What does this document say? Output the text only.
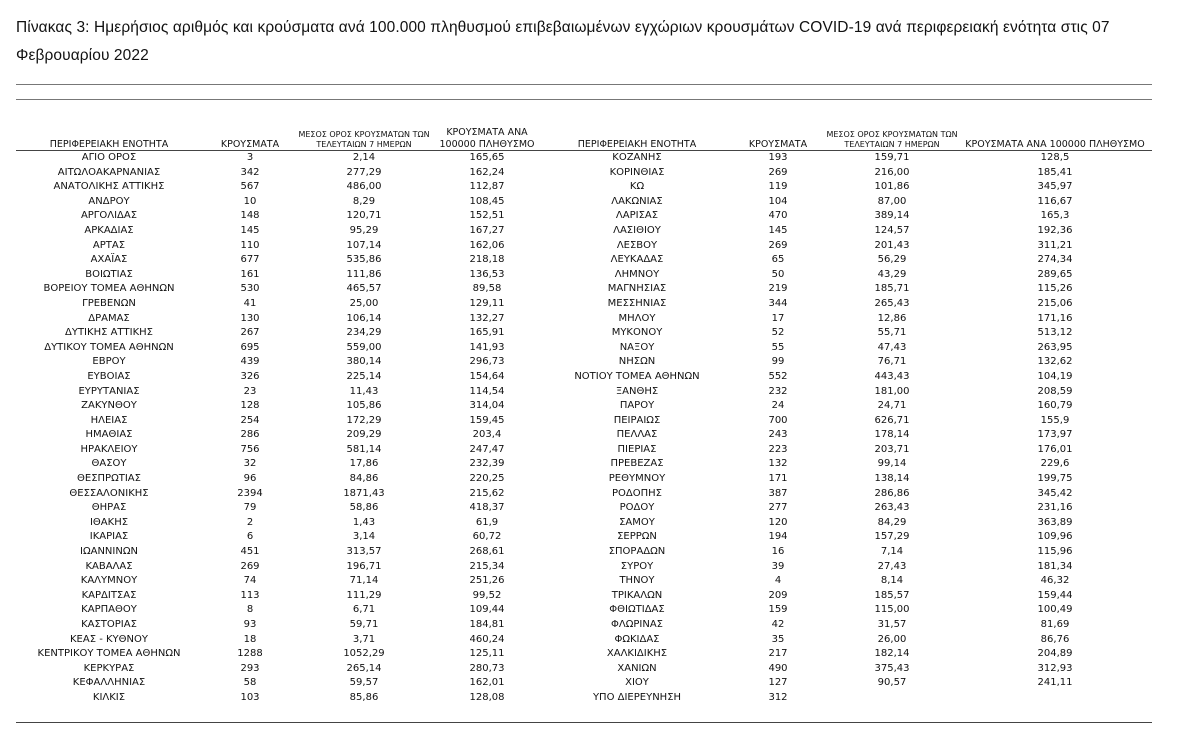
Πίνακας 3: Ημερήσιος αριθμός και κρούσματα ανά 100.000 πληθυσμού επιβεβαιωμένων εγχώριων κρουσμάτων COVID-19 ανά περιφερειακή ενότητα στις 07 Φεβρουαρίου 2022
ΠΕΡΙΦΕΡΕΙΑΚΗ ΕΝΟΤΗΤΑ	ΚΡΟΥΣΜΑΤΑ	ΜΕΣΟΣ ΟΡΟΣ ΚΡΟΥΣΜΑΤΩΝ ΤΩΝ ΤΕΛΕΥΤΑΙΩΝ 7 ΗΜΕΡΩΝ	ΚΡΟΥΣΜΑΤΑ ΑΝΑ 100000 ΠΛΗΘΥΣΜΟ	ΠΕΡΙΦΕΡΕΙΑΚΗ ΕΝΟΤΗΤΑ	ΚΡΟΥΣΜΑΤΑ	ΜΕΣΟΣ ΟΡΟΣ ΚΡΟΥΣΜΑΤΩΝ ΤΩΝ ΤΕΛΕΥΤΑΙΩΝ 7 ΗΜΕΡΩΝ	ΚΡΟΥΣΜΑΤΑ ΑΝΑ 100000 ΠΛΗΘΥΣΜΟ
ΑΓΙΟ ΟΡΟΣ	3	2,14	165,65	ΚΟΖΑΝΗΣ	193	159,71	128,5
ΑΙΤΩΛΟΑΚΑΡΝΑΝΙΑΣ	342	277,29	162,24	ΚΟΡΙΝΘΙΑΣ	269	216,00	185,41
ΑΝΑΤΟΛΙΚΗΣ ΑΤΤΙΚΗΣ	567	486,00	112,87	ΚΩ	119	101,86	345,97
ΑΝΔΡΟΥ	10	8,29	108,45	ΛΑΚΩΝΙΑΣ	104	87,00	116,67
ΑΡΓΟΛΙΔΑΣ	148	120,71	152,51	ΛΑΡΙΣΑΣ	470	389,14	165,3
ΑΡΚΑΔΙΑΣ	145	95,29	167,27	ΛΑΣΙΘΙΟΥ	145	124,57	192,36
ΑΡΤΑΣ	110	107,14	162,06	ΛΕΣΒΟΥ	269	201,43	311,21
ΑΧΑΪΑΣ	677	535,86	218,18	ΛΕΥΚΑΔΑΣ	65	56,29	274,34
ΒΟΙΩΤΙΑΣ	161	111,86	136,53	ΛΗΜΝΟΥ	50	43,29	289,65
ΒΟΡΕΙΟΥ ΤΟΜΕΑ ΑΘΗΝΩΝ	530	465,57	89,58	ΜΑΓΝΗΣΙΑΣ	219	185,71	115,26
ΓΡΕΒΕΝΩΝ	41	25,00	129,11	ΜΕΣΣΗΝΙΑΣ	344	265,43	215,06
ΔΡΑΜΑΣ	130	106,14	132,27	ΜΗΛΟΥ	17	12,86	171,16
ΔΥΤΙΚΗΣ ΑΤΤΙΚΗΣ	267	234,29	165,91	ΜΥΚΟΝΟΥ	52	55,71	513,12
ΔΥΤΙΚΟΥ ΤΟΜΕΑ ΑΘΗΝΩΝ	695	559,00	141,93	ΝΑΞΟΥ	55	47,43	263,95
ΕΒΡΟΥ	439	380,14	296,73	ΝΗΣΩΝ	99	76,71	132,62
ΕΥΒΟΙΑΣ	326	225,14	154,64	ΝΟΤΙΟΥ ΤΟΜΕΑ ΑΘΗΝΩΝ	552	443,43	104,19
ΕΥΡΥΤΑΝΙΑΣ	23	11,43	114,54	ΞΑΝΘΗΣ	232	181,00	208,59
ΖΑΚΥΝΘΟΥ	128	105,86	314,04	ΠΑΡΟΥ	24	24,71	160,79
ΗΛΕΙΑΣ	254	172,29	159,45	ΠΕΙΡΑΙΩΣ	700	626,71	155,9
ΗΜΑΘΙΑΣ	286	209,29	203,4	ΠΕΛΛΑΣ	243	178,14	173,97
ΗΡΑΚΛΕΙΟΥ	756	581,14	247,47	ΠΙΕΡΙΑΣ	223	203,71	176,01
ΘΑΣΟΥ	32	17,86	232,39	ΠΡΕΒΕΖΑΣ	132	99,14	229,6
ΘΕΣΠΡΩΤΙΑΣ	96	84,86	220,25	ΡΕΘΥΜΝΟΥ	171	138,14	199,75
ΘΕΣΣΑΛΟΝΙΚΗΣ	2394	1871,43	215,62	ΡΟΔΟΠΗΣ	387	286,86	345,42
ΘΗΡΑΣ	79	58,86	418,37	ΡΟΔΟΥ	277	263,43	231,16
ΙΘΑΚΗΣ	2	1,43	61,9	ΣΑΜΟΥ	120	84,29	363,89
ΙΚΑΡΙΑΣ	6	3,14	60,72	ΣΕΡΡΩΝ	194	157,29	109,96
ΙΩΑΝΝΙΝΩΝ	451	313,57	268,61	ΣΠΟΡΑΔΩΝ	16	7,14	115,96
ΚΑΒΑΛΑΣ	269	196,71	215,34	ΣΥΡΟΥ	39	27,43	181,34
ΚΑΛΥΜΝΟΥ	74	71,14	251,26	ΤΗΝΟΥ	4	8,14	46,32
ΚΑΡΔΙΤΣΑΣ	113	111,29	99,52	ΤΡΙΚΑΛΩΝ	209	185,57	159,44
ΚΑΡΠΑΘΟΥ	8	6,71	109,44	ΦΘΙΩΤΙΔΑΣ	159	115,00	100,49
ΚΑΣΤΟΡΙΑΣ	93	59,71	184,81	ΦΛΩΡΙΝΑΣ	42	31,57	81,69
ΚΕΑΣ - ΚΥΘΝΟΥ	18	3,71	460,24	ΦΩΚΙΔΑΣ	35	26,00	86,76
ΚΕΝΤΡΙΚΟΥ ΤΟΜΕΑ ΑΘΗΝΩΝ	1288	1052,29	125,11	ΧΑΛΚΙΔΙΚΗΣ	217	182,14	204,89
ΚΕΡΚΥΡΑΣ	293	265,14	280,73	ΧΑΝΙΩΝ	490	375,43	312,93
ΚΕΦΑΛΛΗΝΙΑΣ	58	59,57	162,01	ΧΙΟΥ	127	90,57	241,11
ΚΙΛΚΙΣ	103	85,86	128,08	ΥΠΟ ΔΙΕΡΕΥΝΗΣΗ	312		
